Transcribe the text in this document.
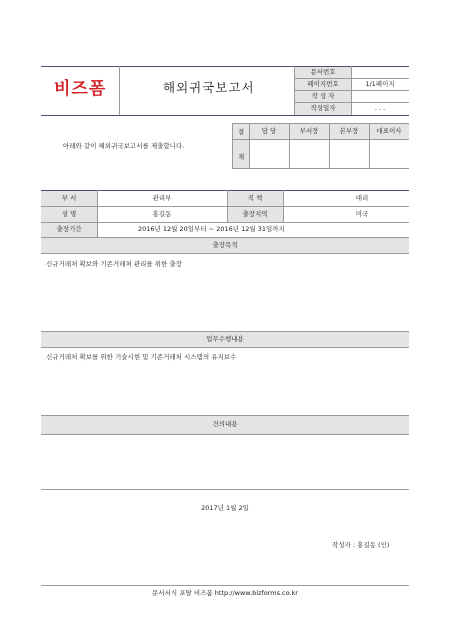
비즈폼	해외귀국보고서
문서번호
페이지번호	1/1페이지
작 성 자
작성일자	. . .
아래와 같이 해외귀국보고서를 제출합니다.
결
재
담 당	부서장	본부장	대표이사
부 서	관리부	직 책	대리
성 명	홍길동	출장지역	미국
출장기간	2016년 12월 20일부터 ~ 2016년 12월 31일까지
출장목적
신규거래처 확보와 기존거래처 관리를 위한 출장
업무수행내용
신규거래처 확보를 위한 기술시현 및 기존거래처 시스템의 유지보수
건의내용
2017년 1월 2일
작성자 : 홍길동 (인)
문서서식 포탈 비즈폼 http://www.bizforms.co.kr
